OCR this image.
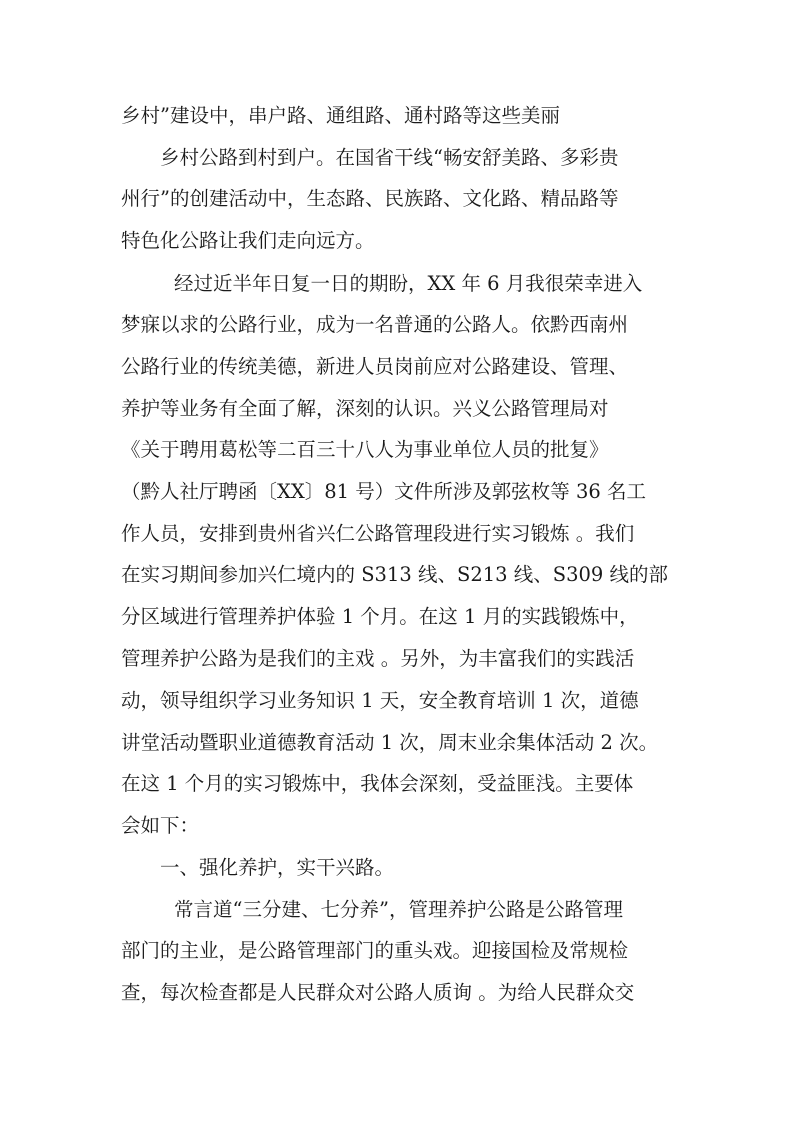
乡村”建设中，串户路、通组路、通村路等这些美丽
乡村公路到村到户。在国省干线“畅安舒美路、多彩贵
州行”的创建活动中，生态路、民族路、文化路、精品路等
特色化公路让我们走向远方。
经过近半年日复一日的期盼，XX 年 6 月我很荣幸进入
梦寐以求的公路行业，成为一名普通的公路人。依黔西南州
公路行业的传统美德，新进人员岗前应对公路建设、管理、
养护等业务有全面了解，深刻的认识。兴义公路管理局对
《关于聘用葛松等二百三十八人为事业单位人员的批复》
（黔人社厅聘函〔XX〕81 号）文件所涉及郭弦枚等 36 名工
作人员，安排到贵州省兴仁公路管理段进行实习锻炼 。我们
在实习期间参加兴仁境内的 S313 线、S213 线、S309 线的部
分区域进行管理养护体验 1 个月。在这 1 月的实践锻炼中，
管理养护公路为是我们的主戏 。另外，为丰富我们的实践活
动，领导组织学习业务知识 1 天，安全教育培训 1 次，道德
讲堂活动暨职业道德教育活动 1 次，周末业余集体活动 2 次。
在这 1 个月的实习锻炼中，我体会深刻，受益匪浅。主要体
会如下：
一、强化养护，实干兴路。
常言道“三分建、七分养”，管理养护公路是公路管理
部门的主业，是公路管理部门的重头戏。迎接国检及常规检
查，每次检查都是人民群众对公路人质询 。为给人民群众交
